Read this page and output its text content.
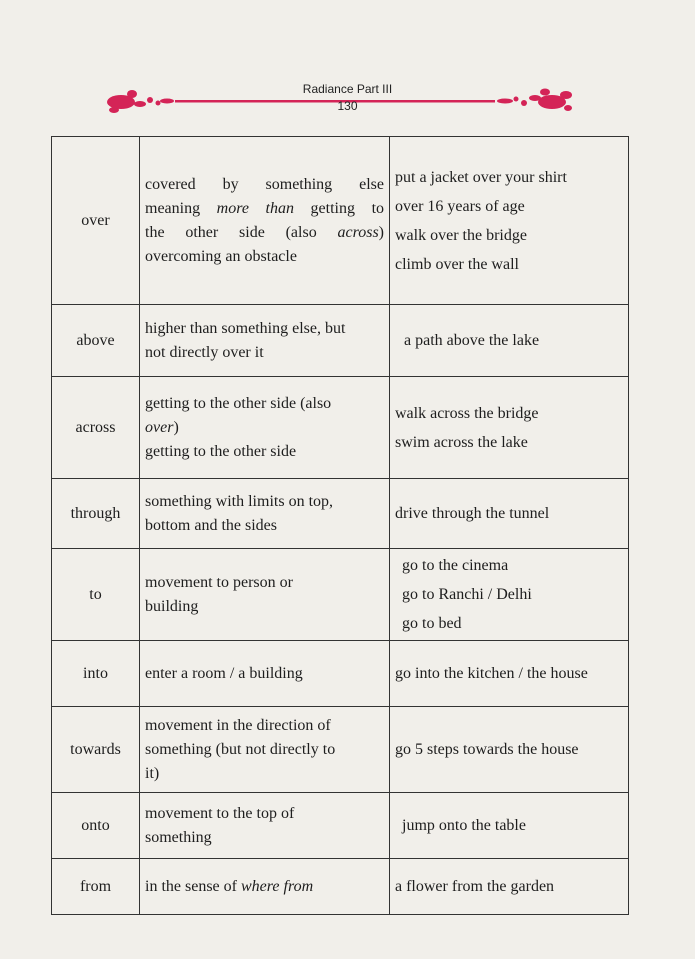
Radiance Part III
130
over	covered by something else
meaning more than getting to
the other side (also across)
overcoming an obstacle	put a jacket over your shirt
over 16 years of age
walk over the bridge
climb over the wall

above	higher than something else, but
not directly over it	a path above the lake

across	getting to the other side (also
over)
getting to the other side	walk across the bridge
swim across the lake

through	something with limits on top,
bottom and the sides	drive through the tunnel

to	movement to person or
building	go to the cinema
go to Ranchi / Delhi
go to bed

into	enter a room / a building	go into the kitchen / the house

towards	movement in the direction of
something (but not directly to
it)	go 5 steps towards the house

onto	movement to the top of
something	jump onto the table

from	in the sense of where from	a flower from the garden
